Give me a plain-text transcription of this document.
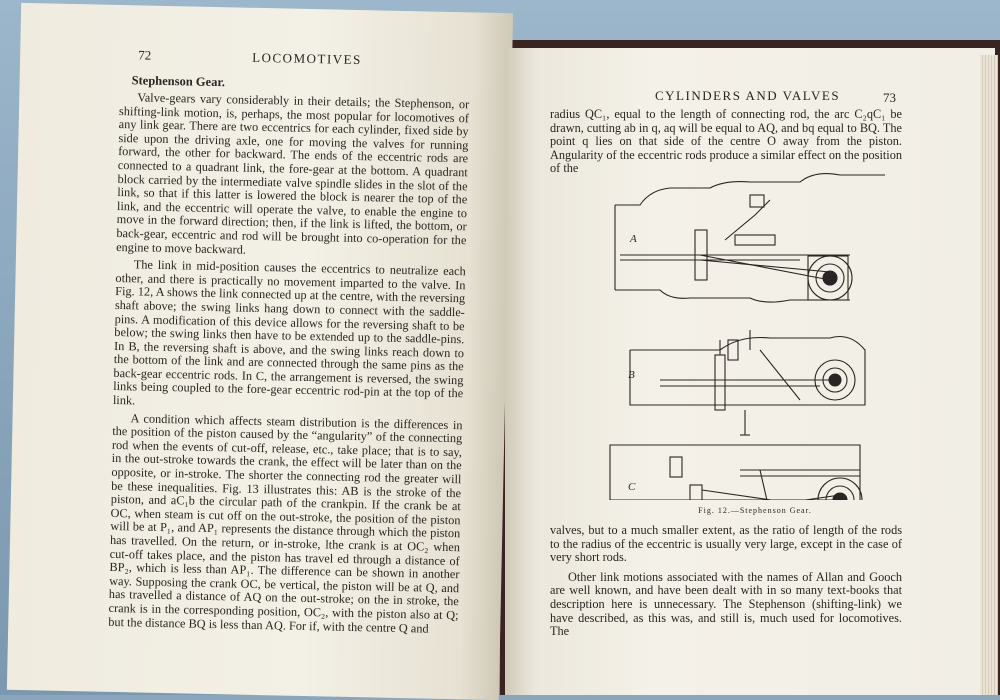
72	LOCOMOTIVES
Stephenson Gear.

Valve-gears vary considerably in their details; the Stephenson, or shifting-link motion, is, perhaps, the most popular for locomotives of any link gear. There are two eccentrics for each cylinder, fixed side by side upon the driving axle, one for moving the valves for running forward, the other for backward. The ends of the eccentric rods are connected to a quadrant link, the fore-gear at the bottom. A quadrant block carried by the intermediate valve spindle slides in the slot of the link, so that if this latter is lowered the block is nearer the top of the link, and the eccentric will operate the valve, to enable the engine to move in the forward direction; then, if the link is lifted, the bottom, or back-gear, eccentric and rod will be brought into co-operation for the engine to move backward.

The link in mid-position causes the eccentrics to neutralize each other, and there is practically no movement imparted to the valve. In Fig. 12, A shows the link connected up at the centre, with the reversing shaft above; the swing links hang down to connect with the saddle-pins. A modification of this device allows for the reversing shaft to be below; the swing links then have to be extended up to the saddle-pins. In B, the reversing shaft is above, and the swing links reach down to the bottom of the link and are connected through the same pins as the back-gear eccentric rods. In C, the arrangement is reversed, the swing links being coupled to the fore-gear eccentric rod-pin at the top of the link.

A condition which affects steam distribution is the differences in the position of the piston caused by the “angularity” of the connecting rod when the events of cut-off, release, etc., take place; that is to say, in the out-stroke towards the crank, the effect will be later than on the opposite, or in-stroke. The shorter the connecting rod the greater will be these inequalities. Fig. 13 illustrates this: AB is the stroke of the piston, and aC₁b the circular path of the crankpin. If the crank be at OC, when steam is cut off on the out-stroke, the position of the piston will be at P₁, and AP₁ represents the distance through which the piston has travelled. On the return, or in-stroke, lthe crank is at OC₂ when cut-off takes place, and the piston has travel ed through a distance of BP₂, which is less than AP₁. The difference can be shown in another way. Supposing the crank OC, be vertical, the piston will be at Q, and has travelled a distance of AQ on the out-stroke; on the in stroke, the crank is in the corresponding position, OC₂, with the piston also at Q; but the distance BQ is less than AQ. For if, with the centre Q and

CYLINDERS AND VALVES	73

radius QC₁, equal to the length of connecting rod, the arc C₂qC₁ be drawn, cutting ab in q, aq will be equal to AQ, and bq equal to BQ. The point q lies on that side of the centre O away from the piston. Angularity of the eccentric rods produce a similar effect on the position of the

A
B
C
Fig. 12.—Stephenson Gear.

valves, but to a much smaller extent, as the ratio of length of the rods to the radius of the eccentric is usually very large, except in the case of very short rods.

Other link motions associated with the names of Allan and Gooch are well known, and have been dealt with in so many text-books that description here is unnecessary. The Stephenson (shifting-link) we have described, as this was, and still is, much used for locomotives. The
